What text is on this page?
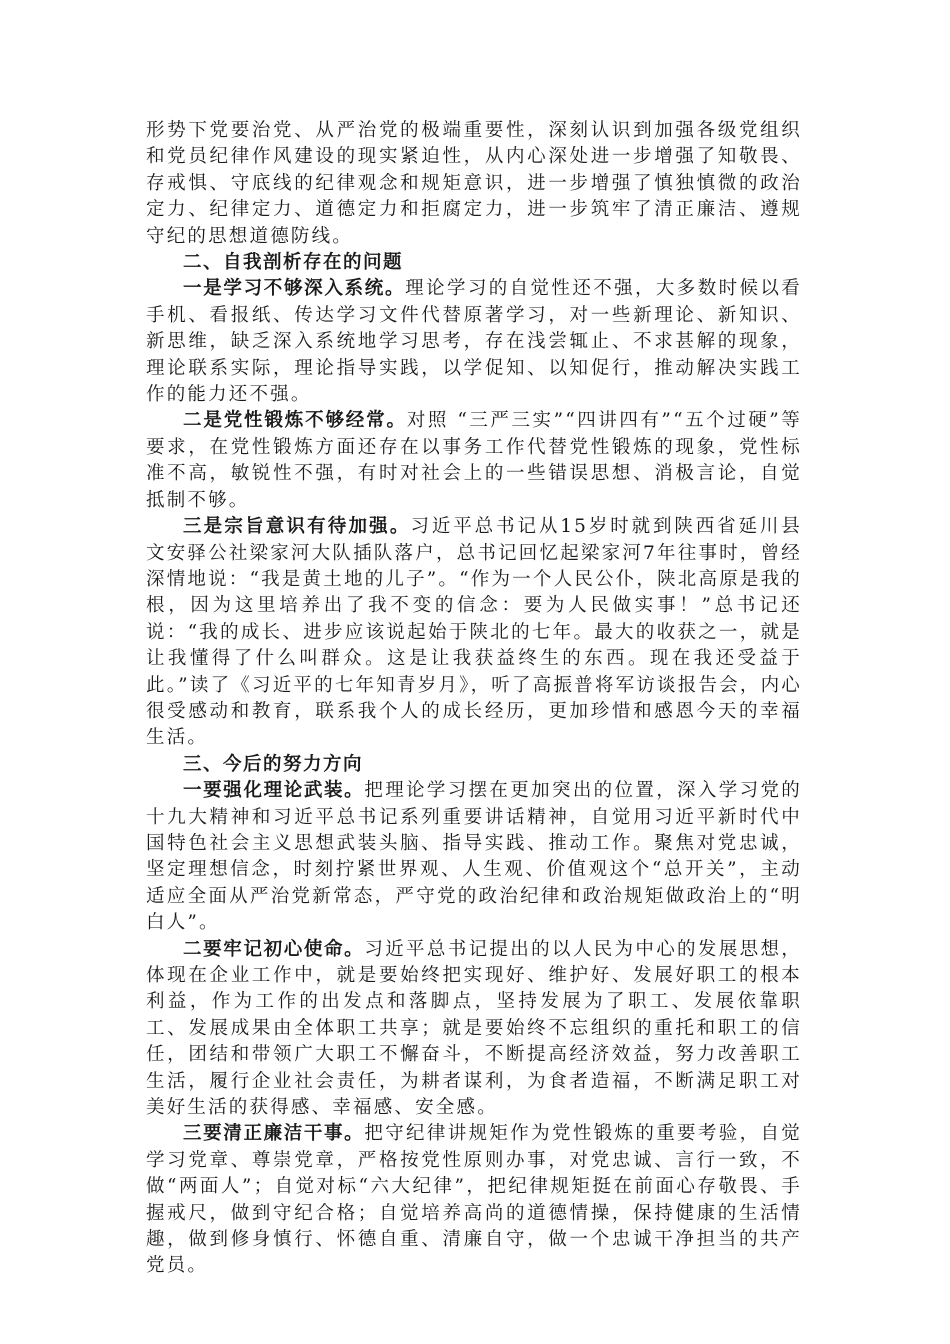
形势下党要治党、从严治党的极端重要性，深刻认识到加强各级党组织和党员纪律作风建设的现实紧迫性，从内心深处进一步增强了知敬畏、存戒惧、守底线的纪律观念和规矩意识，进一步增强了慎独慎微的政治定力、纪律定力、道德定力和拒腐定力，进一步筑牢了清正廉洁、遵规守纪的思想道德防线。

二、自我剖析存在的问题

一是学习不够深入系统。理论学习的自觉性还不强，大多数时候以看手机、看报纸、传达学习文件代替原著学习，对一些新理论、新知识、新思维，缺乏深入系统地学习思考，存在浅尝辄止、不求甚解的现象，理论联系实际，理论指导实践，以学促知、以知促行，推动解决实践工作的能力还不强。

二是党性锻炼不够经常。对照 “三严三实”“四讲四有”“五个过硬”等要求，在党性锻炼方面还存在以事务工作代替党性锻炼的现象，党性标准不高，敏锐性不强，有时对社会上的一些错误思想、消极言论，自觉抵制不够。

三是宗旨意识有待加强。习近平总书记从15岁时就到陕西省延川县文安驿公社梁家河大队插队落户，总书记回忆起梁家河7年往事时，曾经深情地说：“我是黄土地的儿子”。“作为一个人民公仆，陕北高原是我的根，因为这里培养出了我不变的信念：要为人民做实事！”总书记还说：“我的成长、进步应该说起始于陕北的七年。最大的收获之一，就是让我懂得了什么叫群众。这是让我获益终生的东西。现在我还受益于此。”读了《习近平的七年知青岁月》，听了高振普将军访谈报告会，内心很受感动和教育，联系我个人的成长经历，更加珍惜和感恩今天的幸福生活。

三、今后的努力方向

一要强化理论武装。把理论学习摆在更加突出的位置，深入学习党的十九大精神和习近平总书记系列重要讲话精神，自觉用习近平新时代中国特色社会主义思想武装头脑、指导实践、推动工作。聚焦对党忠诚，坚定理想信念，时刻拧紧世界观、人生观、价值观这个“总开关”，主动适应全面从严治党新常态，严守党的政治纪律和政治规矩做政治上的“明白人”。

二要牢记初心使命。习近平总书记提出的以人民为中心的发展思想，体现在企业工作中，就是要始终把实现好、维护好、发展好职工的根本利益，作为工作的出发点和落脚点，坚持发展为了职工、发展依靠职工、发展成果由全体职工共享；就是要始终不忘组织的重托和职工的信任，团结和带领广大职工不懈奋斗，不断提高经济效益，努力改善职工生活，履行企业社会责任，为耕者谋利，为食者造福，不断满足职工对美好生活的获得感、幸福感、安全感。

三要清正廉洁干事。把守纪律讲规矩作为党性锻炼的重要考验，自觉学习党章、尊崇党章，严格按党性原则办事，对党忠诚、言行一致，不做“两面人”；自觉对标“六大纪律”，把纪律规矩挺在前面心存敬畏、手握戒尺，做到守纪合格；自觉培养高尚的道德情操，保持健康的生活情趣，做到修身慎行、怀德自重、清廉自守，做一个忠诚干净担当的共产党员。
